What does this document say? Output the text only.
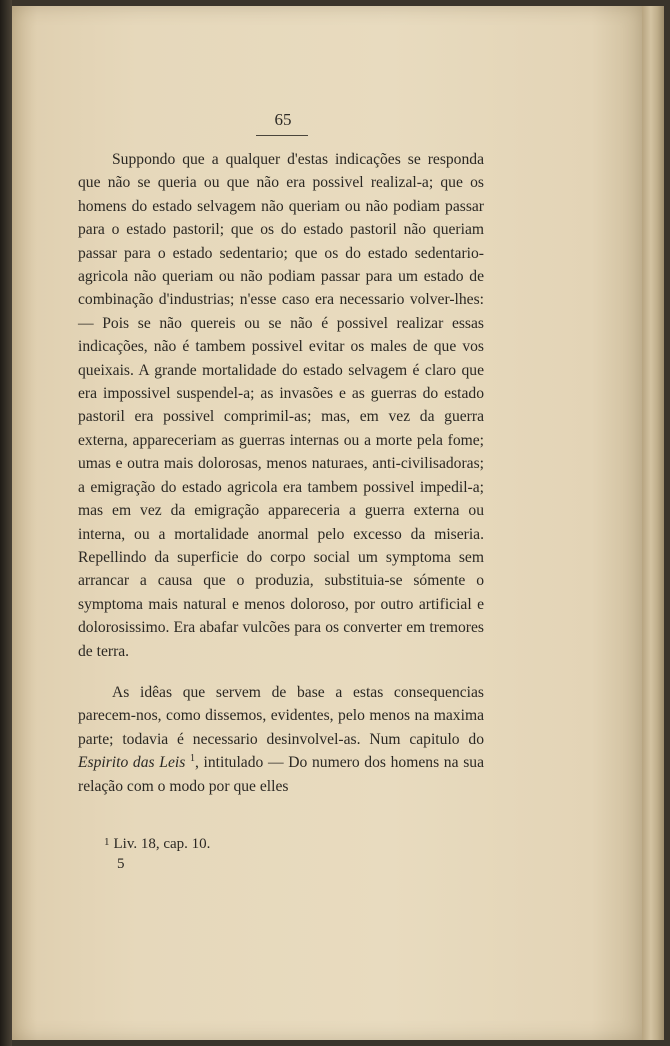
65

Suppondo que a qualquer d'estas indicações se responda que não se queria ou que não era possivel realizal-a; que os homens do estado selvagem não queriam ou não podiam passar para o estado pastoril; que os do estado pastoril não queriam passar para o estado sedentario; que os do estado sedentario-agricola não queriam ou não podiam passar para um estado de combinação d'industrias; n'esse caso era necessario volver-lhes: — Pois se não quereis ou se não é possivel realizar essas indicações, não é tambem possivel evitar os males de que vos queixais. A grande mortalidade do estado selvagem é claro que era impossivel suspendel-a; as invasões e as guerras do estado pastoril era possivel comprimil-as; mas, em vez da guerra externa, appareceriam as guerras internas ou a morte pela fome; umas e outra mais dolorosas, menos naturaes, anti-civilisadoras; a emigração do estado agricola era tambem possivel impedil-a; mas em vez da emigração appareceria a guerra externa ou interna, ou a mortalidade anormal pelo excesso da miseria. Repellindo da superficie do corpo social um symptoma sem arrancar a causa que o produzia, substituia-se sómente o symptoma mais natural e menos doloroso, por outro artificial e dolorosissimo. Era abafar vulcões para os converter em tremores de terra.

As idêas que servem de base a estas consequencias parecem-nos, como dissemos, evidentes, pelo menos na maxima parte; todavia é necessario desinvolvel-as. Num capitulo do Espirito das Leis $^1$, intitulado — Do numero dos homens na sua relação com o modo por que elles

$^1$ Liv. 18, cap. 10.
5
